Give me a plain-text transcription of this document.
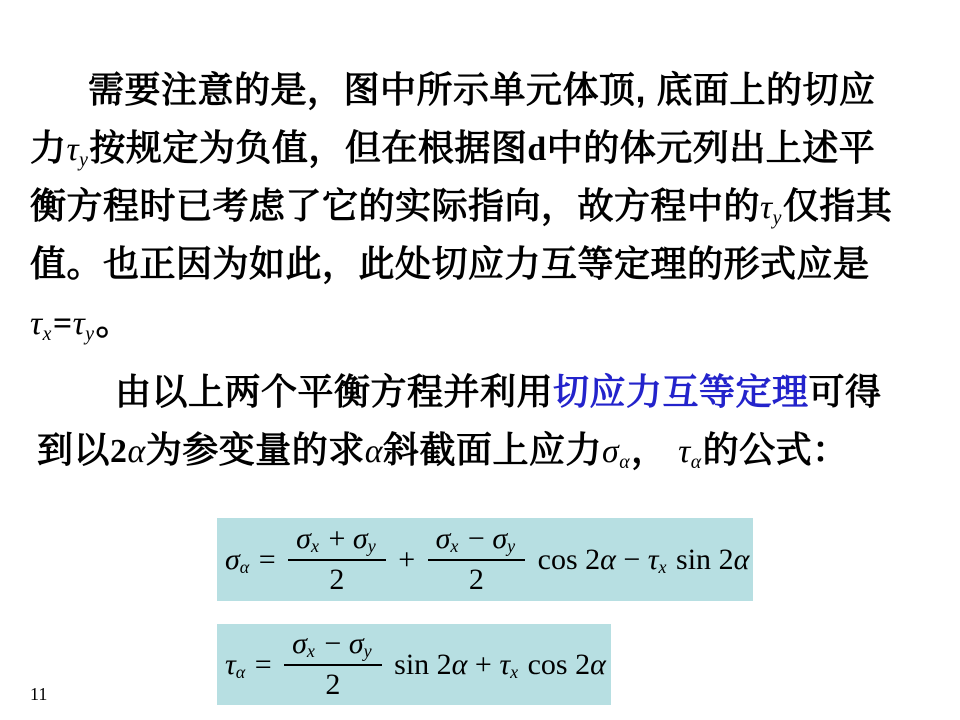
需要注意的是，图中所示单元体顶, 底面上的切应
力τy按规定为负值，但在根据图d中的体元列出上述平
衡方程时已考虑了它的实际指向，故方程中的τy仅指其
值。也正因为如此，此处切应力互等定理的形式应是
τx=τy。
由以上两个平衡方程并利用切应力互等定理可得
到以2α为参变量的求α斜截面上应力σα， τα的公式：
σ $\alpha = \frac{\text{σ x + σ y}}{2} + \frac{\text{σ x − σ y}}{2}$ cos 2 α − τ x sin 2 α
τ $\alpha = \frac{\text{σ x − σ y}}{2}$ sin 2 α + τ x cos 2 α
11
